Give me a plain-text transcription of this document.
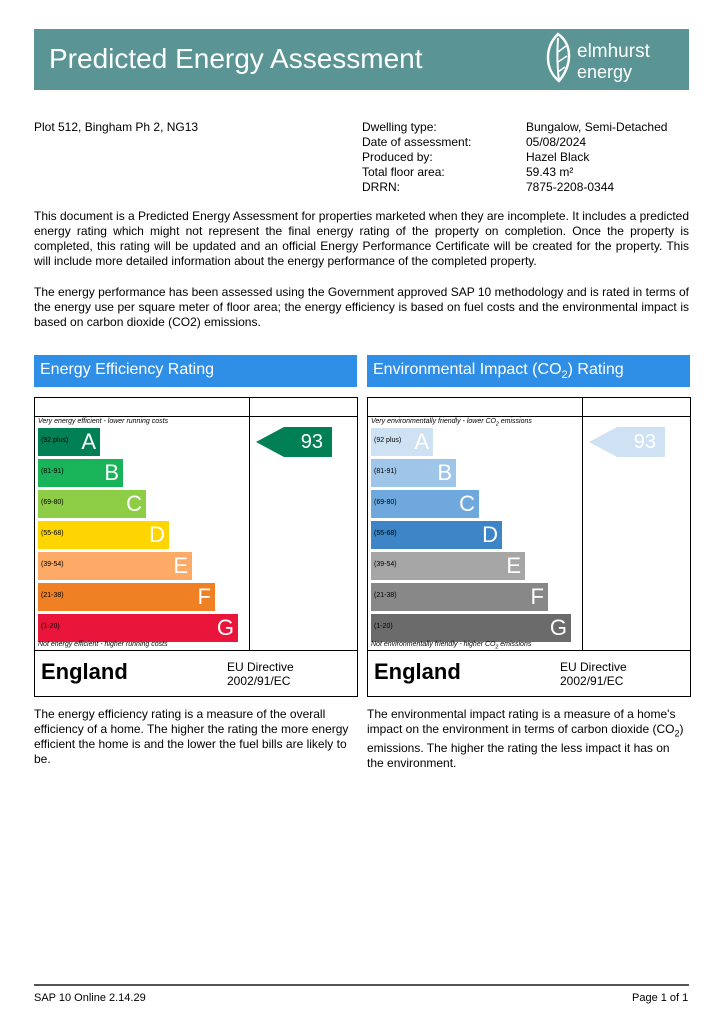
Predicted Energy Assessment	elmhurst
energy
Plot 512, Bingham Ph 2, NG13	Dwelling type:	Bungalow, Semi-Detached
Date of assessment:	05/08/2024
Produced by:	Hazel Black
Total floor area:	59.43 m²
DRRN:	7875-2208-0344
This document is a Predicted Energy Assessment for properties marketed when they are incomplete. It includes a predicted energy rating which might not represent the final energy rating of the property on completion. Once the property is completed, this rating will be updated and an official Energy Performance Certificate will be created for the property. This will include more detailed information about the energy performance of the completed property.
The energy performance has been assessed using the Government approved SAP 10 methodology and is rated in terms of the energy use per square meter of floor area; the energy efficiency is based on fuel costs and the environmental impact is based on carbon dioxide (CO2) emissions.
Energy Efficiency Rating
Very energy efficient - lower running costs
(92 plus) A
(81-91) B
(69-80)	C
(55-68)	D
(39-54)	E
(21-38)	F
(1-20)	G
93
Not energy efficient - higher running costs
England	EU Directive
2002/91/EC
Environmental Impact $(CO_2)$ Rating
Very environmentally friendly - lower $CO_2$ emissions
(92 plus) A
(81-91) B
(69-80)	C
(55-68)	D
(39-54)	E
(21-38)	F
(1-20)	G
93
Not environmentally friendly - higher $CO_2$ emissions
England	EU Directive
2002/91/EC
The energy efficiency rating is a measure of the overall efficiency of a home. The higher the rating the more energy efficient the home is and the lower the fuel bills are likely to be.
The environmental impact rating is a measure of a home's impact on the environment in terms of carbon dioxide $(CO_2)$ emissions. The higher the rating the less impact it has on the environment.
SAP 10 Online 2.14.29	Page 1 of 1
